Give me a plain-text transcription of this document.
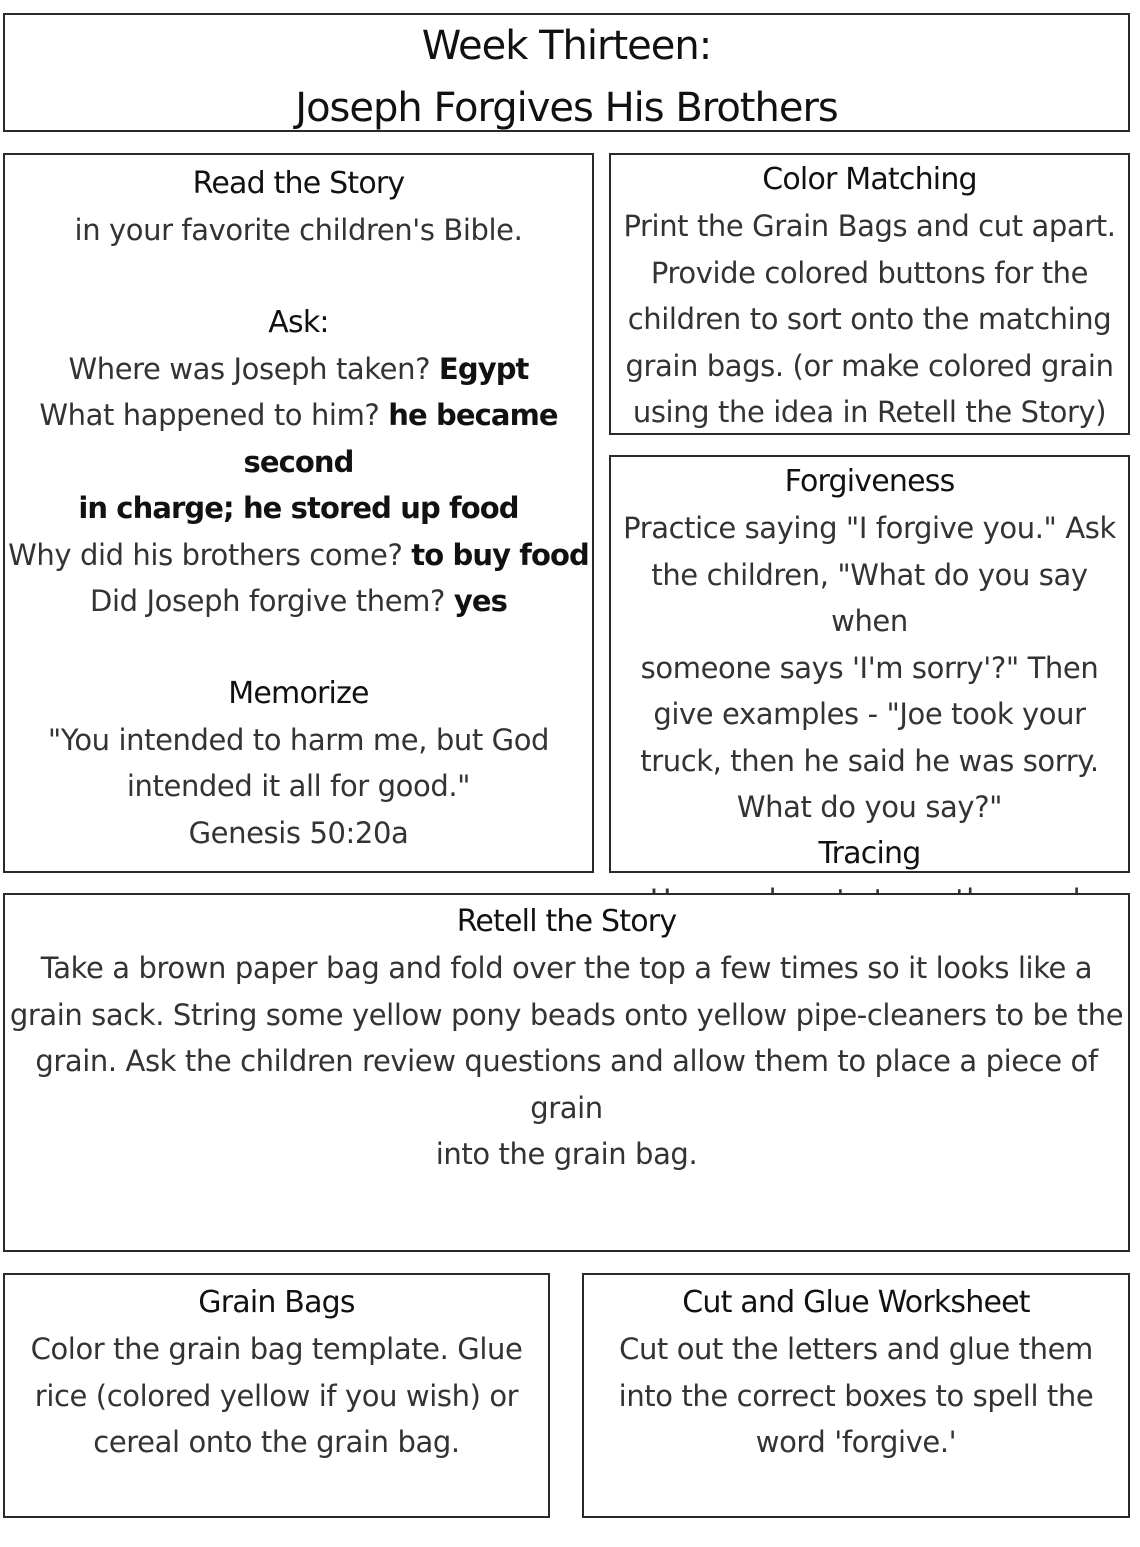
Week Thirteen:
Joseph Forgives His Brothers
Read the Story
in your favorite children's Bible.
Ask:
Where was Joseph taken? Egypt
What happened to him? he became second
in charge; he stored up food
Why did his brothers come? to buy food
Did Joseph forgive them? yes
Memorize
"You intended to harm me, but God
intended it all for good."
Genesis 50:20a
Color Matching
Print the Grain Bags and cut apart.
Provide colored buttons for the
children to sort onto the matching
grain bags. (or make colored grain
using the idea in Retell the Story)
Forgiveness
Practice saying "I forgive you." Ask
the children, "What do you say when
someone says 'I'm sorry'?" Then
give examples - "Joe took your
truck, then he said he was sorry.
What do you say?"
Tracing
Retell the Story
Take a brown paper bag and fold over the top a few times so it looks like a
grain sack. String some yellow pony beads onto yellow pipe-cleaners to be the
grain. Ask the children review questions and allow them to place a piece of grain
into the grain bag.
Grain Bags
Color the grain bag template. Glue
rice (colored yellow if you wish) or
cereal onto the grain bag.
Cut and Glue Worksheet
Cut out the letters and glue them
into the correct boxes to spell the
word 'forgive.'
